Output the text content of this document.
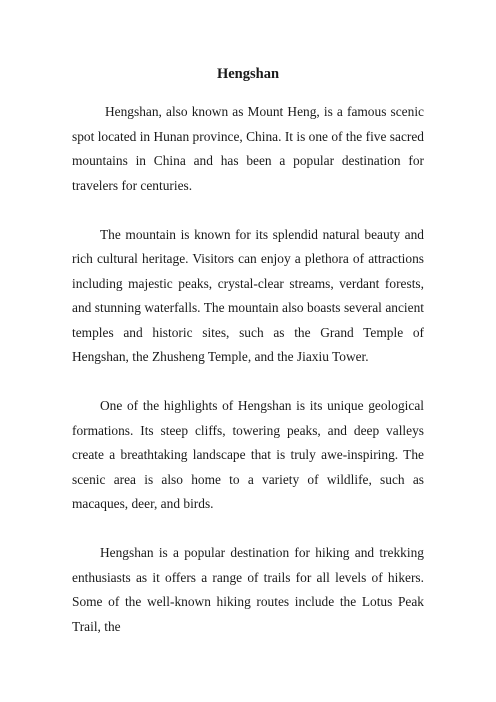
Hengshan

Hengshan, also known as Mount Heng, is a famous scenic spot located in Hunan province, China. It is one of the five sacred mountains in China and has been a popular destination for travelers for centuries.

The mountain is known for its splendid natural beauty and rich cultural heritage. Visitors can enjoy a plethora of attractions including majestic peaks, crystal-clear streams, verdant forests, and stunning waterfalls. The mountain also boasts several ancient temples and historic sites, such as the Grand Temple of Hengshan, the Zhusheng Temple, and the Jiaxiu Tower.

One of the highlights of Hengshan is its unique geological formations. Its steep cliffs, towering peaks, and deep valleys create a breathtaking landscape that is truly awe-inspiring. The scenic area is also home to a variety of wildlife, such as macaques, deer, and birds.

Hengshan is a popular destination for hiking and trekking enthusiasts as it offers a range of trails for all levels of hikers. Some of the well-known hiking routes include the Lotus Peak Trail, the
